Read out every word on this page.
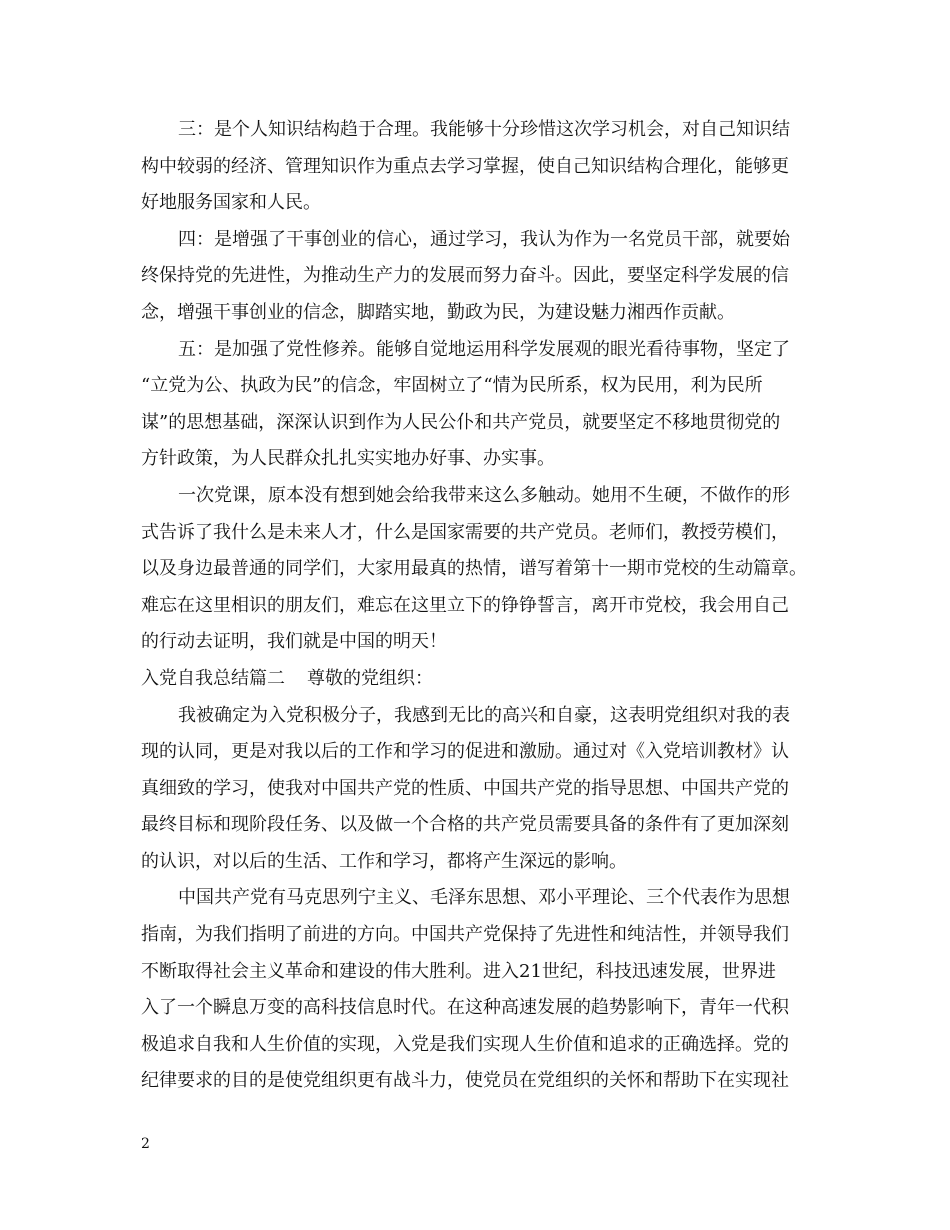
三：是个人知识结构趋于合理。我能够十分珍惜这次学习机会，对自己知识结
构中较弱的经济、管理知识作为重点去学习掌握，使自己知识结构合理化，能够更
好地服务国家和人民。
四：是增强了干事创业的信心，通过学习，我认为作为一名党员干部，就要始
终保持党的先进性，为推动生产力的发展而努力奋斗。因此，要坚定科学发展的信
念，增强干事创业的信念，脚踏实地，勤政为民，为建设魅力湘西作贡献。
五：是加强了党性修养。能够自觉地运用科学发展观的眼光看待事物，坚定了
“立党为公、执政为民”的信念，牢固树立了“情为民所系，权为民用，利为民所
谋”的思想基础，深深认识到作为人民公仆和共产党员，就要坚定不移地贯彻党的
方针政策，为人民群众扎扎实实地办好事、办实事。
一次党课，原本没有想到她会给我带来这么多触动。她用不生硬，不做作的形
式告诉了我什么是未来人才，什么是国家需要的共产党员。老师们，教授劳模们，
以及身边最普通的同学们，大家用最真的热情，谱写着第十一期市党校的生动篇章。
难忘在这里相识的朋友们，难忘在这里立下的铮铮誓言，离开市党校，我会用自己
的行动去证明，我们就是中国的明天！
入党自我总结篇二	尊敬的党组织：
我被确定为入党积极分子，我感到无比的高兴和自豪，这表明党组织对我的表
现的认同，更是对我以后的工作和学习的促进和激励。通过对《入党培训教材》认
真细致的学习，使我对中国共产党的性质、中国共产党的指导思想、中国共产党的
最终目标和现阶段任务、以及做一个合格的共产党员需要具备的条件有了更加深刻
的认识，对以后的生活、工作和学习，都将产生深远的影响。
中国共产党有马克思列宁主义、毛泽东思想、邓小平理论、三个代表作为思想
指南，为我们指明了前进的方向。中国共产党保持了先进性和纯洁性，并领导我们
不断取得社会主义革命和建设的伟大胜利。进入21世纪，科技迅速发展，世界进
入了一个瞬息万变的高科技信息时代。在这种高速发展的趋势影响下，青年一代积
极追求自我和人生价值的实现，入党是我们实现人生价值和追求的正确选择。党的
纪律要求的目的是使党组织更有战斗力，使党员在党组织的关怀和帮助下在实现社
2
